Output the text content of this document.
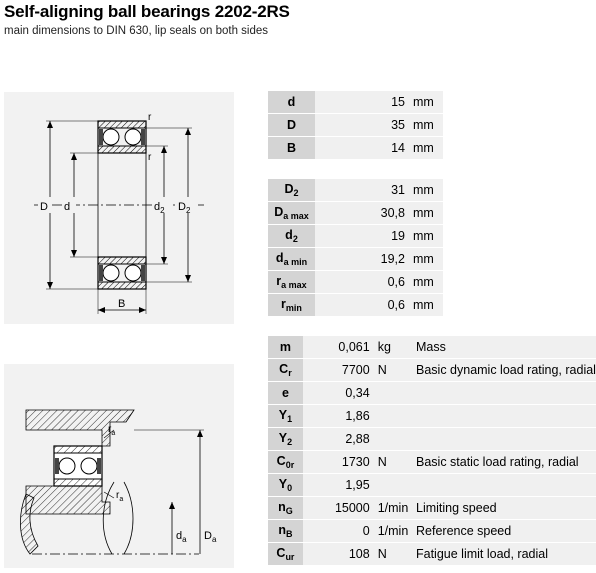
Self-aligning ball bearings 2202-2RS
main dimensions to DIN 630, lip seals on both sides
D d	$d_2$ $D_2$
r
r
B
$r_a$
$r_a$
$d_a$ $D_a$
d	15	mm
D	35	mm
B	14	mm
$D_2$	31	mm
$D_{a max}$	30,8	mm
$d_2$	19	mm
$d_{a min}$	19,2	mm
$r_{a max}$	0,6	mm
$r_{min}$	0,6	mm
m	0,061	kg	Mass
$C_r$	7700	N	Basic dynamic load rating, radial
e	0,34		
$Y_1$	1,86		
$Y_2$	2,88		
$C_{0r}$	1730	N	Basic static load rating, radial
$Y_0$	1,95		
$n_G$	15000	1/min	Limiting speed
$n_B$	0	1/min	Reference speed
$C_{ur}$	108	N	Fatigue limit load, radial
